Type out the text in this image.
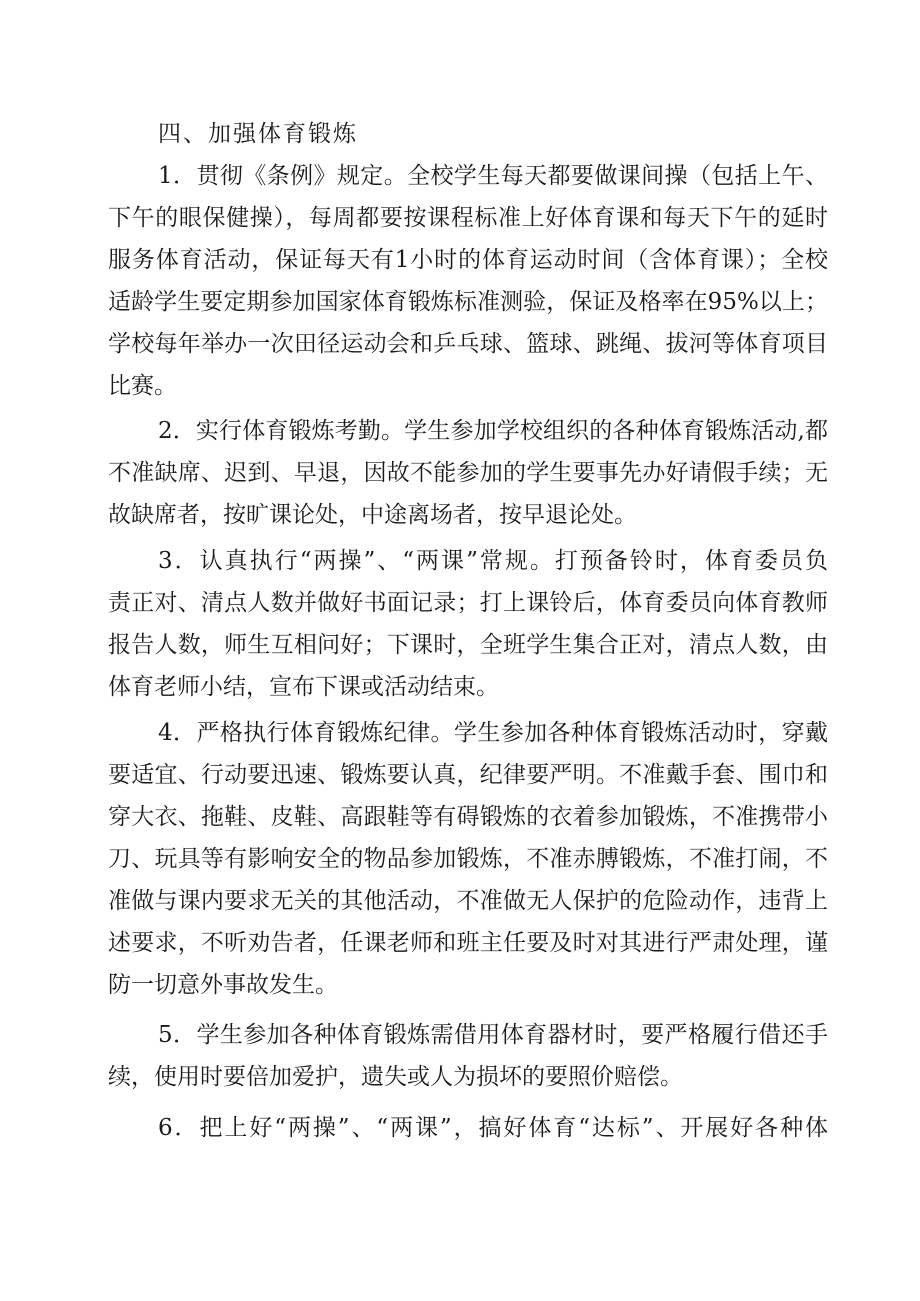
四、加强体育锻炼

1．贯彻《条例》规定。全校学生每天都要做课间操（包括上午、

下午的眼保健操），每周都要按课程标准上好体育课和每天下午的延时

服务体育活动，保证每天有1小时的体育运动时间（含体育课）；全校

适龄学生要定期参加国家体育锻炼标准测验，保证及格率在95%以上；

学校每年举办一次田径运动会和乒乓球、篮球、跳绳、拔河等体育项目

比赛。

2．实行体育锻炼考勤。学生参加学校组织的各种体育锻炼活动,都

不准缺席、迟到、早退，因故不能参加的学生要事先办好请假手续；无

故缺席者，按旷课论处，中途离场者，按早退论处。

3．认真执行“两操”、“两课”常规。打预备铃时，体育委员负

责正对、清点人数并做好书面记录；打上课铃后，体育委员向体育教师

报告人数，师生互相问好；下课时，全班学生集合正对，清点人数，由

体育老师小结，宣布下课或活动结束。

4．严格执行体育锻炼纪律。学生参加各种体育锻炼活动时，穿戴

要适宜、行动要迅速、锻炼要认真，纪律要严明。不准戴手套、围巾和

穿大衣、拖鞋、皮鞋、高跟鞋等有碍锻炼的衣着参加锻炼，不准携带小

刀、玩具等有影响安全的物品参加锻炼，不准赤膊锻炼，不准打闹，不

准做与课内要求无关的其他活动，不准做无人保护的危险动作，违背上

述要求，不听劝告者，任课老师和班主任要及时对其进行严肃处理，谨

防一切意外事故发生。

5．学生参加各种体育锻炼需借用体育器材时，要严格履行借还手

续，使用时要倍加爱护，遗失或人为损坏的要照价赔偿。

6．把上好“两操”、“两课”，搞好体育“达标”、开展好各种体
